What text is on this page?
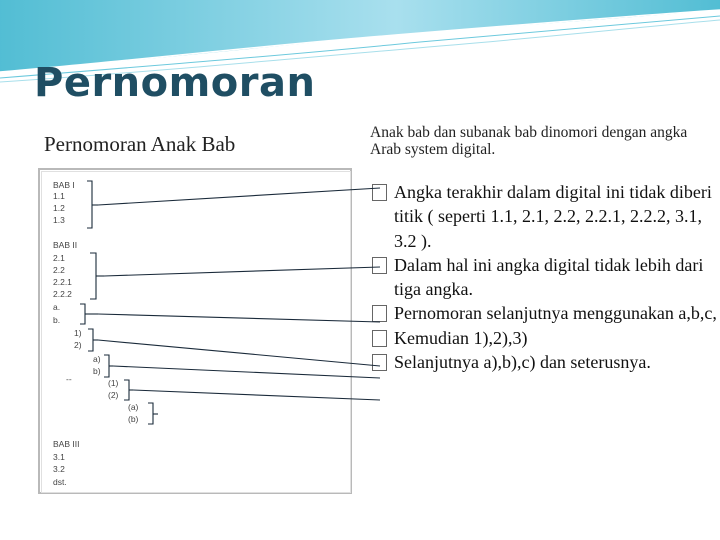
Pernomoran
Pernomoran Anak Bab	Anak bab dan subanak bab dinomori dengan angka Arab system digital.
Angka terakhir dalam digital ini tidak diberi titik ( seperti 1.1, 2.1, 2.2, 2.2.1, 2.2.2, 3.1, 3.2 ).
Dalam hal ini angka digital tidak lebih dari tiga angka.
Pernomoran selanjutnya menggunakan a,b,c,
Kemudian 1),2),3)
Selanjutnya a),b),c) dan seterusnya.
BAB I
1.1
1.2
1.3
BAB II
2.1
2.2
2.2.1
2.2.2
a.
b.
1)
2)
a)
b)
--	(1)
(2)
(a)
(b)
BAB III
3.1
3.2
dst.
